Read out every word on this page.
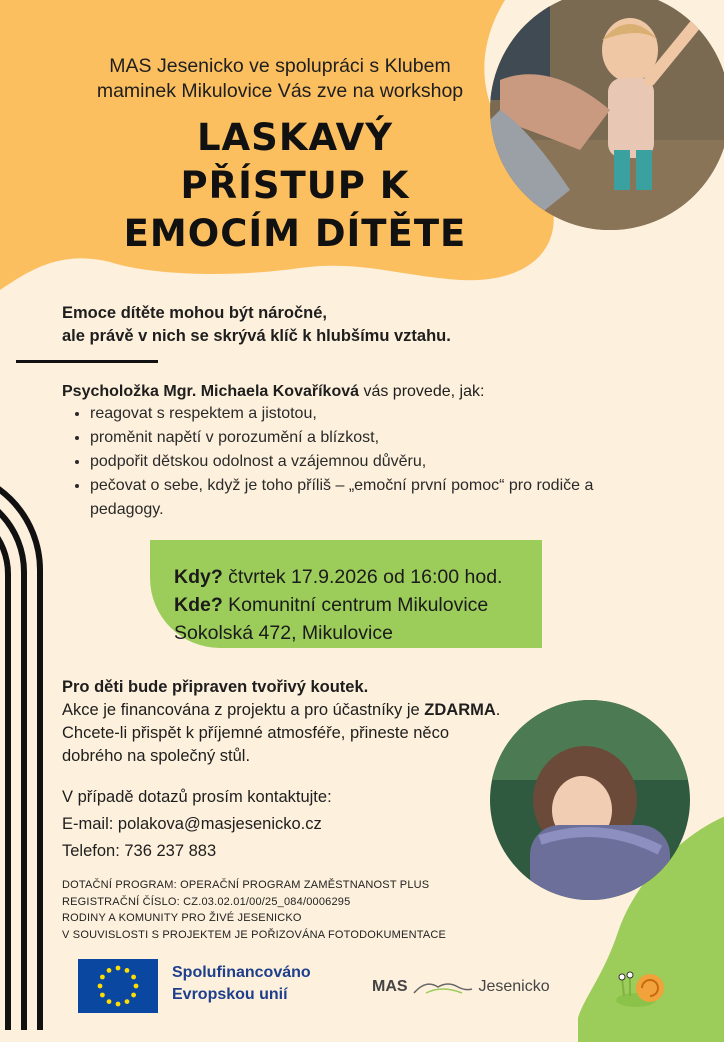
MAS Jesenicko ve spolupráci s Klubem
maminek Mikulovice Vás zve na workshop
LASKAVÝ
PŘÍSTUP K
EMOCÍM DÍTĚTE
Emoce dítěte mohou být náročné,
ale právě v nich se skrývá klíč k hlubšímu vztahu.
Psycholožka Mgr. Michaela Kovaříková vás provede, jak:
• reagovat s respektem a jistotou,
• proměnit napětí v porozumění a blízkost,
• podpořit dětskou odolnost a vzájemnou důvěru,
• pečovat o sebe, když je toho příliš – „emoční první pomoc“ pro rodiče a pedagogy.
Kdy? čtvrtek 17.9.2026 od 16:00 hod.
Kde? Komunitní centrum Mikulovice
Sokolská 472, Mikulovice
Pro děti bude připraven tvořivý koutek.
Akce je financována z projektu a pro účastníky je ZDARMA.
Chcete-li přispět k příjemné atmosféře, přineste něco dobrého na společný stůl.
V případě dotazů prosím kontaktujte:
E-mail: polakova@masjesenicko.cz
Telefon: 736 237 883
DOTAČNÍ PROGRAM: OPERAČNÍ PROGRAM ZAMĚSTNANOST PLUS
REGISTRAČNÍ ČÍSLO: CZ.03.02.01/00/25_084/0006295
RODINY A KOMUNITY PRO ŽIVÉ JESENICKO
V SOUVISLOSTI S PROJEKTEM JE POŘIZOVÁNA FOTODOKUMENTACE
Spolufinancováno
Evropskou unií	MAS	Jesenicko
